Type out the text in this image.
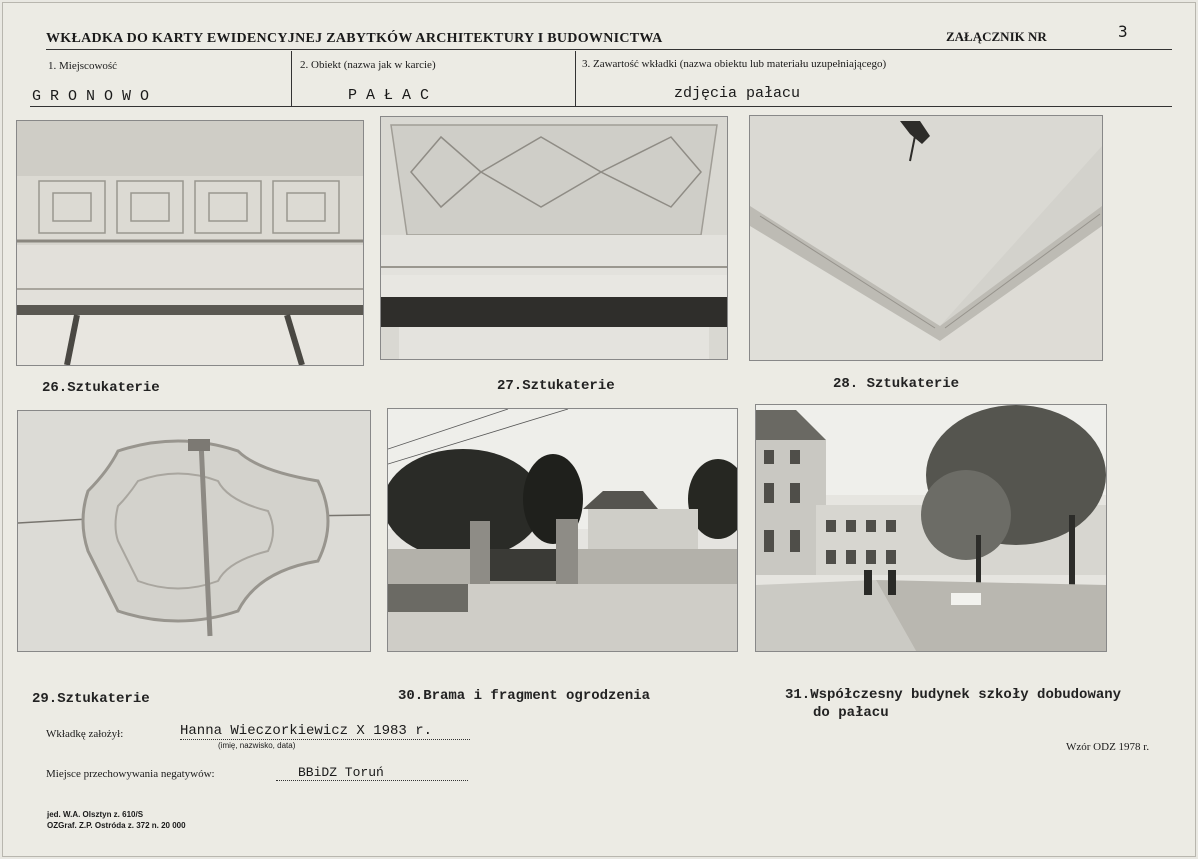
WKŁADKA DO KARTY EWIDENCYJNEJ ZABYTKÓW ARCHITEKTURY I BUDOWNICTWA	ZAŁĄCZNIK NR	3
1. Miejscowość	2. Obiekt (nazwa jak w karcie)	3. Zawartość wkładki (nazwa obiektu lub materiału uzupełniającego)
G R O N O W O	P A Ł A C	zdjęcia pałacu
26.Sztukaterie	27.Sztukaterie	28. Sztukaterie
29.Sztukaterie	30.Brama i fragment ogrodzenia	31.Współczesny budynek szkoły dobudowany
do pałacu
Wkładkę założył:	Hanna Wieczorkiewicz X 1983 r.
(imię, nazwisko, data)	Wzór ODZ 1978 r.
Miejsce przechowywania negatywów:	BBiDZ Toruń
jed. W.A. Olsztyn z. 610/S
OZGraf. Z.P. Ostróda z. 372 n. 20 000
